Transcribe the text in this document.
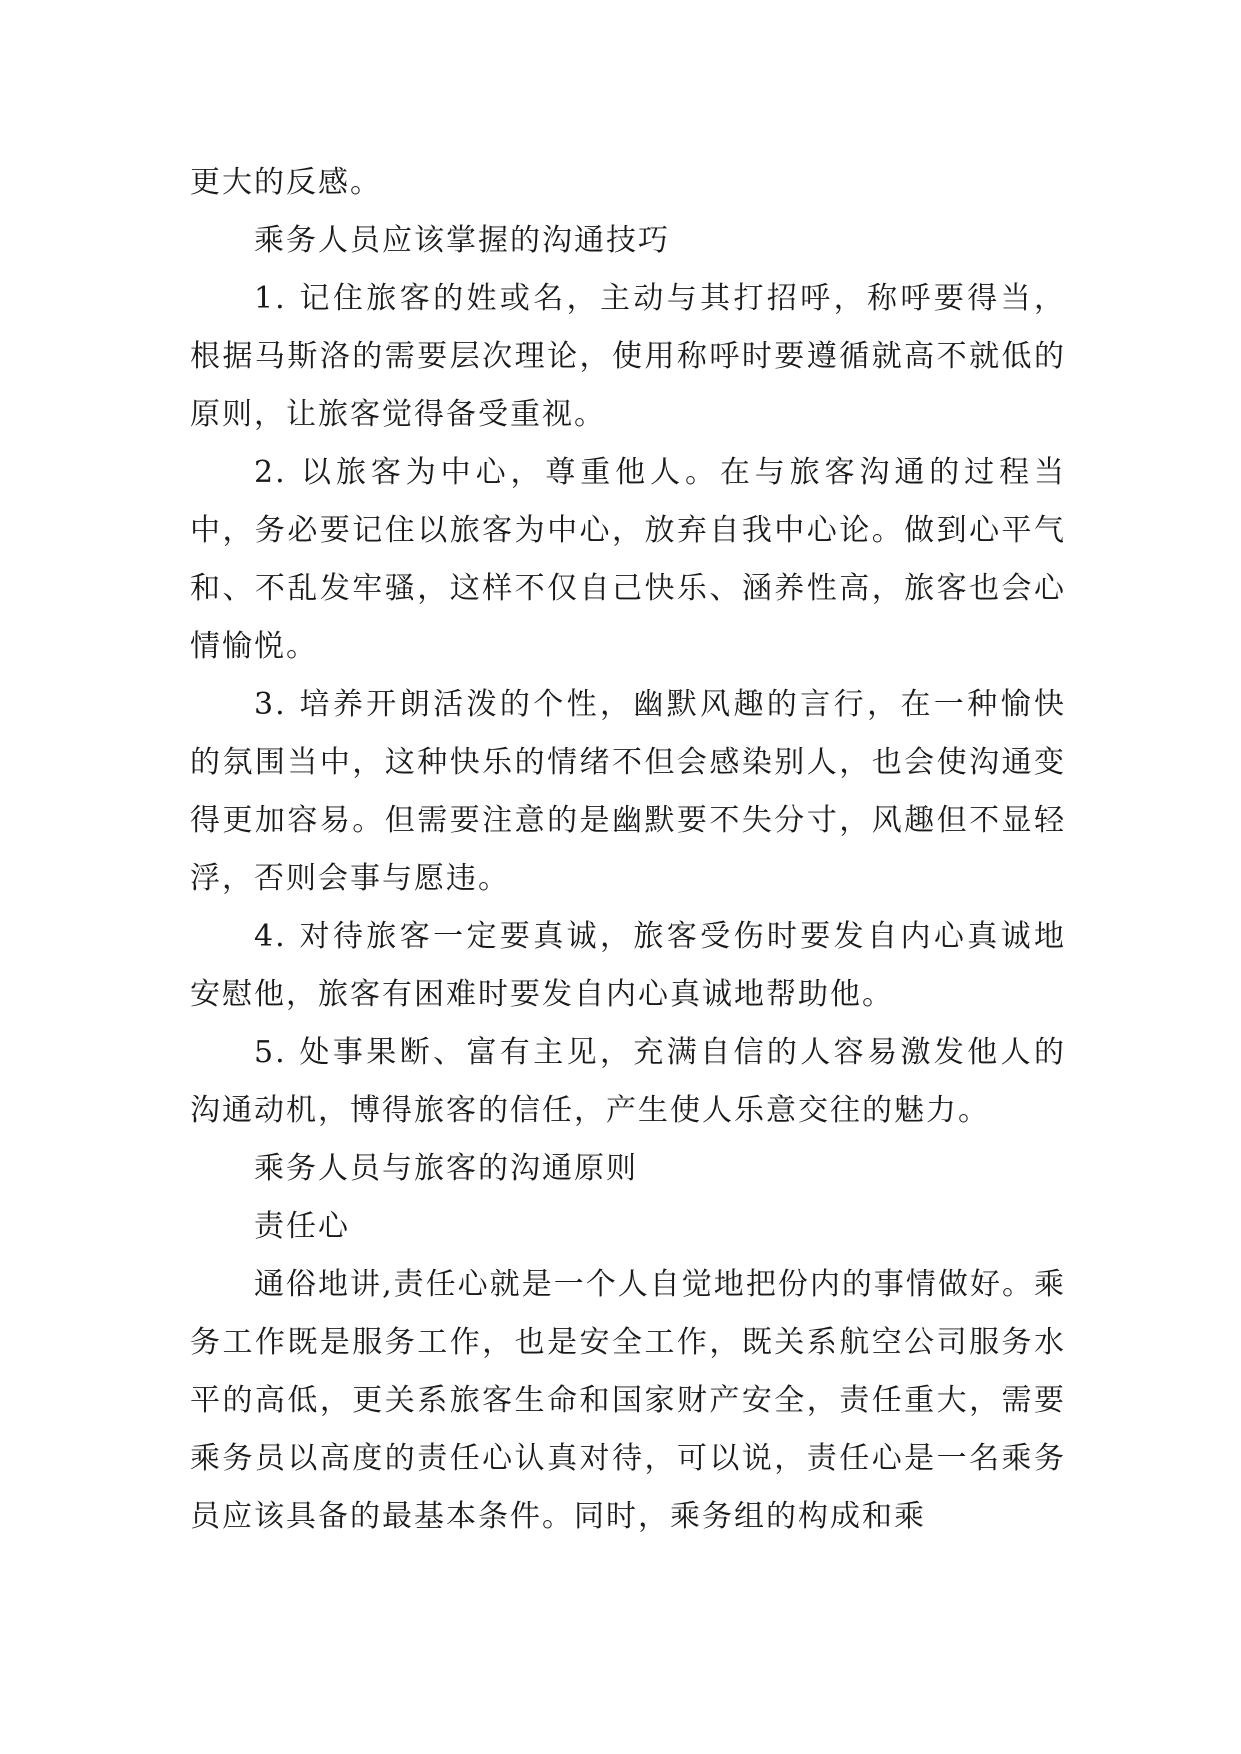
更大的反感。

乘务人员应该掌握的沟通技巧

1. 记住旅客的姓或名，主动与其打招呼，称呼要得当，根据马斯洛的需要层次理论，使用称呼时要遵循就高不就低的原则，让旅客觉得备受重视。

2. 以旅客为中心，尊重他人。在与旅客沟通的过程当中，务必要记住以旅客为中心，放弃自我中心论。做到心平气和、不乱发牢骚，这样不仅自己快乐、涵养性高，旅客也会心情愉悦。

3. 培养开朗活泼的个性，幽默风趣的言行，在一种愉快的氛围当中，这种快乐的情绪不但会感染别人，也会使沟通变得更加容易。但需要注意的是幽默要不失分寸，风趣但不显轻浮，否则会事与愿违。

4. 对待旅客一定要真诚，旅客受伤时要发自内心真诚地安慰他，旅客有困难时要发自内心真诚地帮助他。

5. 处事果断、富有主见，充满自信的人容易激发他人的沟通动机，博得旅客的信任，产生使人乐意交往的魅力。

乘务人员与旅客的沟通原则

责任心

通俗地讲,责任心就是一个人自觉地把份内的事情做好。乘务工作既是服务工作，也是安全工作，既关系航空公司服务水平的高低，更关系旅客生命和国家财产安全，责任重大，需要乘务员以高度的责任心认真对待，可以说，责任心是一名乘务员应该具备的最基本条件。同时，乘务组的构成和乘
